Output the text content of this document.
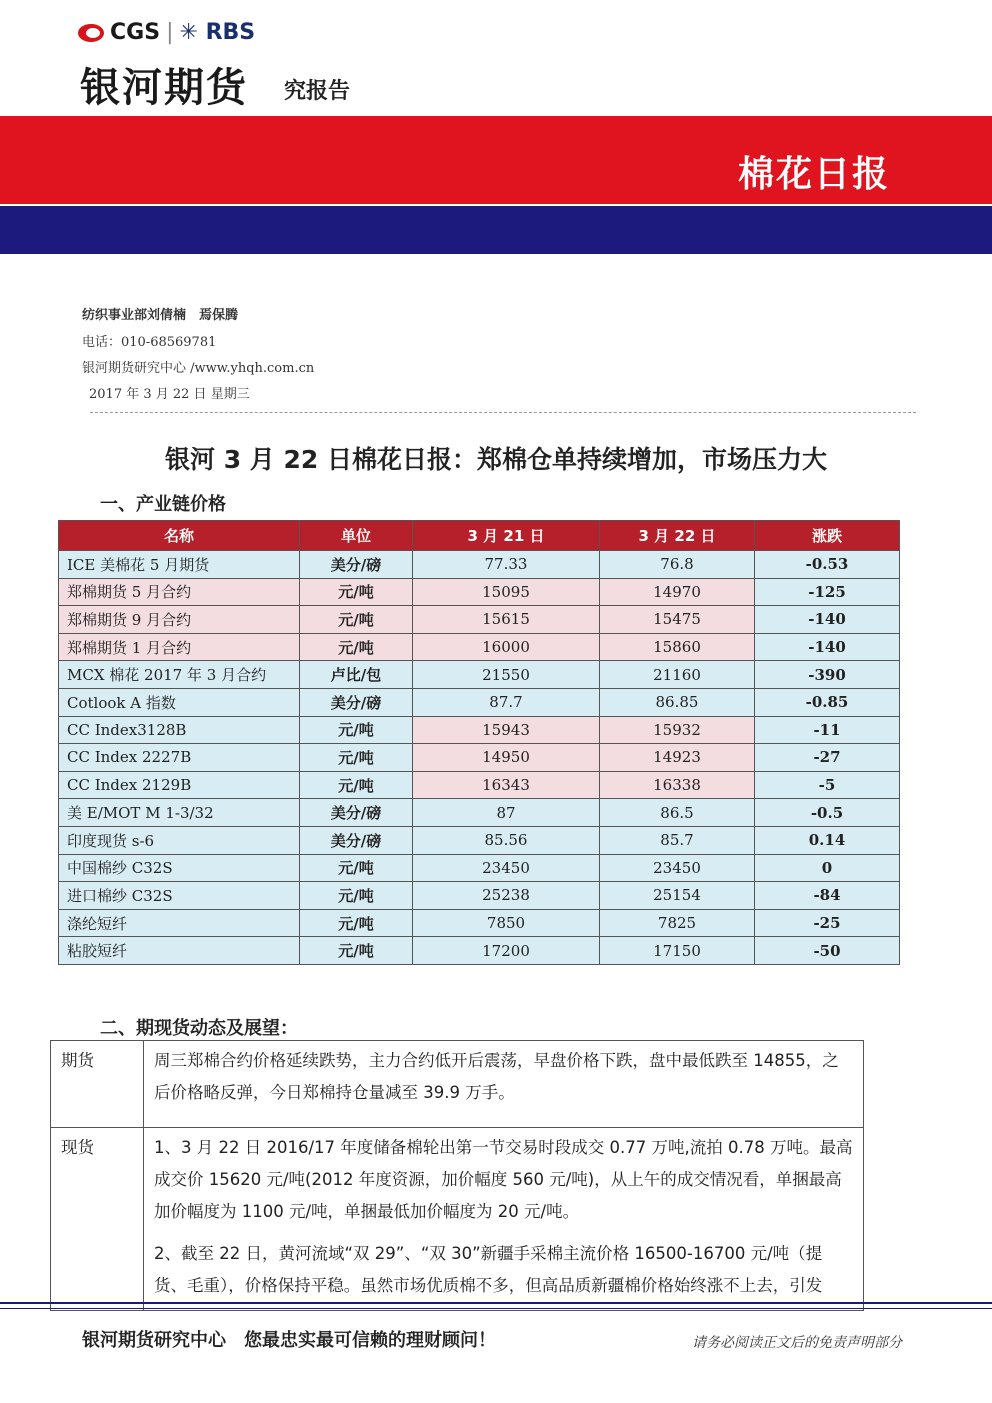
CGS | ✳ RBS
银河期货 究报告
棉花日报
纺织事业部刘倩楠　焉保腾
电话：010-68569781
银河期货研究中心 /www.yhqh.com.cn
2017 年 3 月 22 日 星期三
银河 3 月 22 日棉花日报：郑棉仓单持续增加，市场压力大
一、产业链价格
名称	单位	3 月 21 日	3 月 22 日	涨跌
ICE 美棉花 5 月期货	美分/磅	77.33	76.8	-0.53
郑棉期货 5 月合约	元/吨	15095	14970	-125
郑棉期货 9 月合约	元/吨	15615	15475	-140
郑棉期货 1 月合约	元/吨	16000	15860	-140
MCX 棉花 2017 年 3 月合约	卢比/包	21550	21160	-390
Cotlook A 指数	美分/磅	87.7	86.85	-0.85
CC Index3128B	元/吨	15943	15932	-11
CC Index 2227B	元/吨	14950	14923	-27
CC Index 2129B	元/吨	16343	16338	-5
美 E/MOT M 1-3/32	美分/磅	87	86.5	-0.5
印度现货 s-6	美分/磅	85.56	85.7	0.14
中国棉纱 C32S	元/吨	23450	23450	0
进口棉纱 C32S	元/吨	25238	25154	-84
涤纶短纤	元/吨	7850	7825	-25
粘胶短纤	元/吨	17200	17150	-50
二、期现货动态及展望：
期货	周三郑棉合约价格延续跌势，主力合约低开后震荡，早盘价格下跌，盘中最低跌至 14855，之后价格略反弹，今日郑棉持仓量减至 39.9 万手。

现货	1、3 月 22 日 2016/17 年度储备棉轮出第一节交易时段成交 0.77 万吨,流拍 0.78 万吨。最高成交价 15620 元/吨(2012 年度资源，加价幅度 560 元/吨)，从上午的成交情况看，单捆最高加价幅度为 1100 元/吨，单捆最低加价幅度为 20 元/吨。

2、截至 22 日，黄河流域“双 29”、“双 30”新疆手采棉主流价格 16500-16700 元/吨（提货、毛重），价格保持平稳。虽然市场优质棉不多，但高品质新疆棉价格始终涨不上去，引发

银河期货研究中心　您最忠实最可信赖的理财顾问！	请务必阅读正文后的免责声明部分
